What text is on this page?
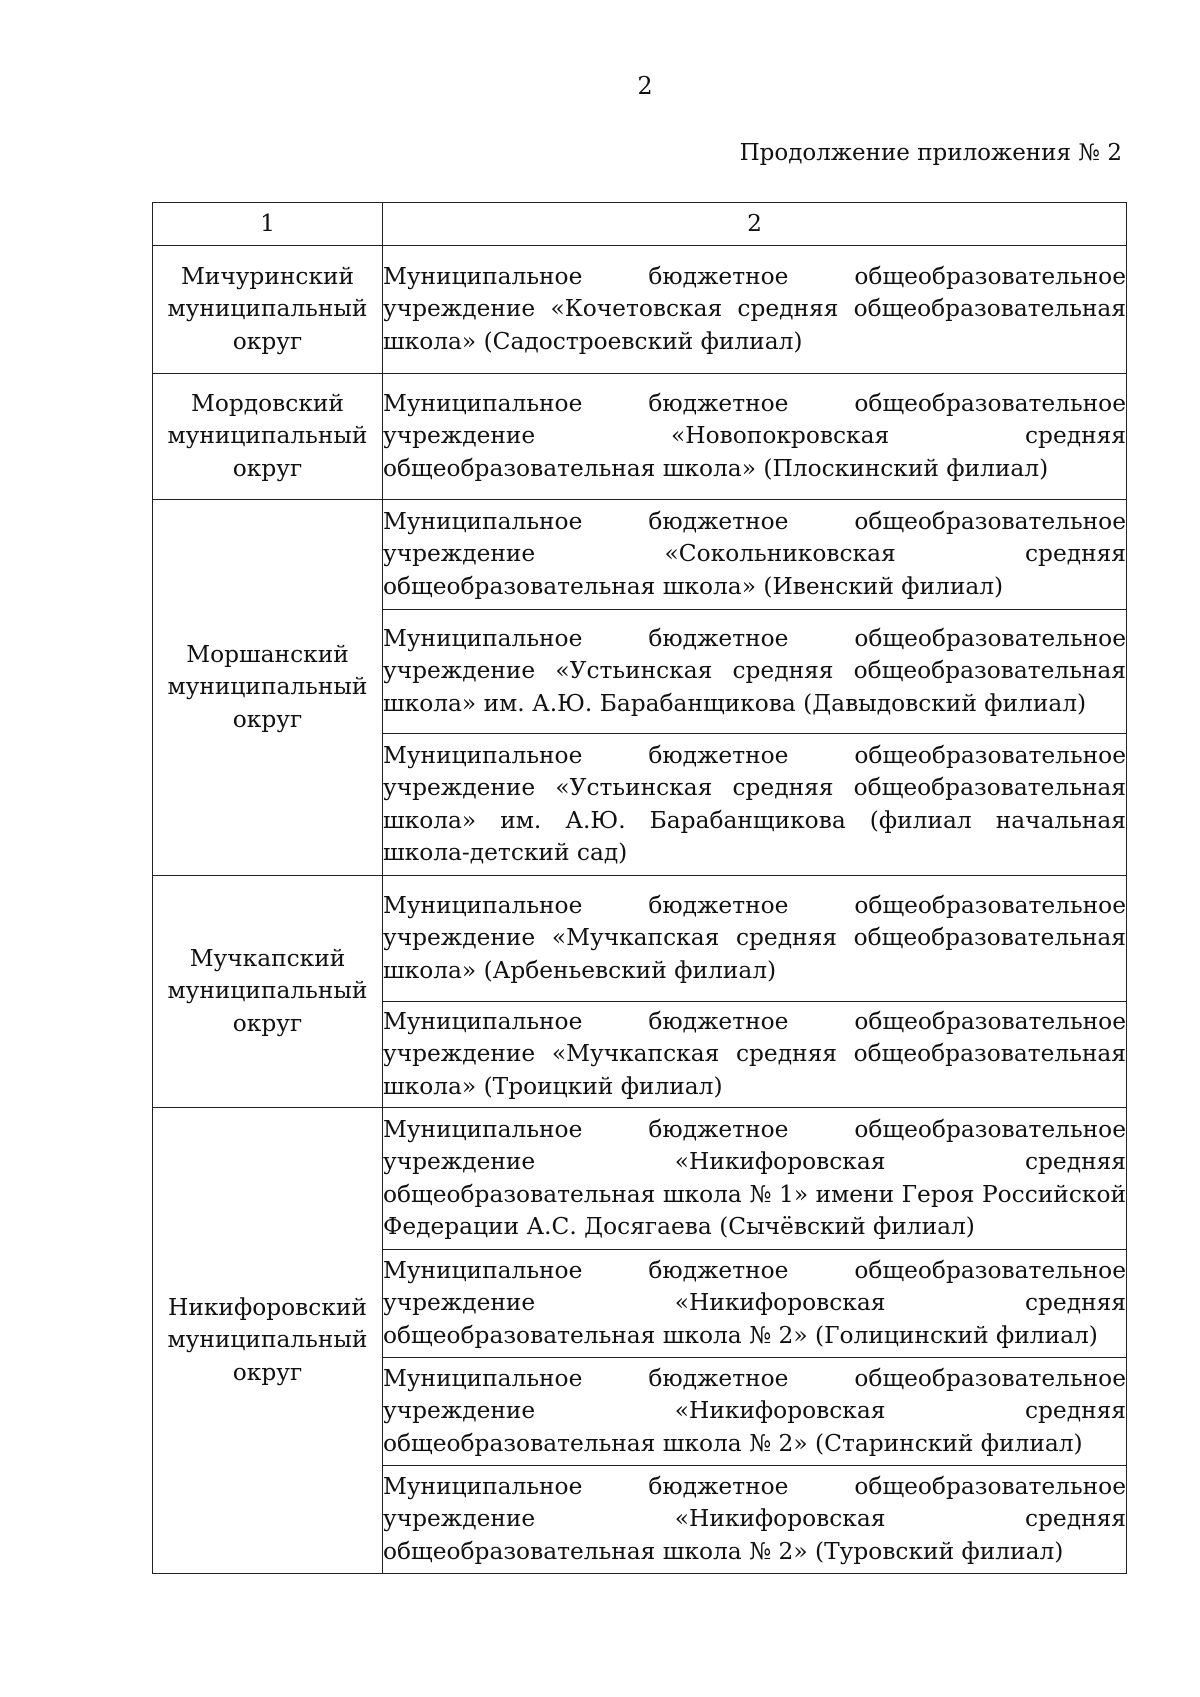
2
Продолжение приложения № 2
1	2
Мичуринский муниципальный округ	Муниципальное бюджетное общеобразовательное учреждение «Кочетовская средняя общеобразовательная школа» (Садостроевский филиал)
Мордовский муниципальный округ	Муниципальное бюджетное общеобразовательное учреждение «Новопокровская средняя общеобразовательная школа» (Плоскинский филиал)
Моршанский муниципальный округ	Муниципальное бюджетное общеобразовательное учреждение «Сокольниковская средняя общеобразовательная школа» (Ивенский филиал)
	Муниципальное бюджетное общеобразовательное учреждение «Устьинская средняя общеобразовательная школа» им. А.Ю. Барабанщикова (Давыдовский филиал)
	Муниципальное бюджетное общеобразовательное учреждение «Устьинская средняя общеобразовательная школа» им. А.Ю. Барабанщикова (филиал начальная школа-детский сад)
Мучкапский муниципальный округ	Муниципальное бюджетное общеобразовательное учреждение «Мучкапская средняя общеобразовательная школа» (Арбеньевский филиал)
	Муниципальное бюджетное общеобразовательное учреждение «Мучкапская средняя общеобразовательная школа» (Троицкий филиал)
Никифоровский муниципальный округ	Муниципальное бюджетное общеобразовательное учреждение «Никифоровская средняя общеобразовательная школа № 1» имени Героя Российской Федерации А.С. Досягаева (Сычёвский филиал)
	Муниципальное бюджетное общеобразовательное учреждение «Никифоровская средняя общеобразовательная школа № 2» (Голицинский филиал)
	Муниципальное бюджетное общеобразовательное учреждение «Никифоровская средняя общеобразовательная школа № 2» (Старинский филиал)
	Муниципальное бюджетное общеобразовательное учреждение «Никифоровская средняя общеобразовательная школа № 2» (Туровский филиал)
